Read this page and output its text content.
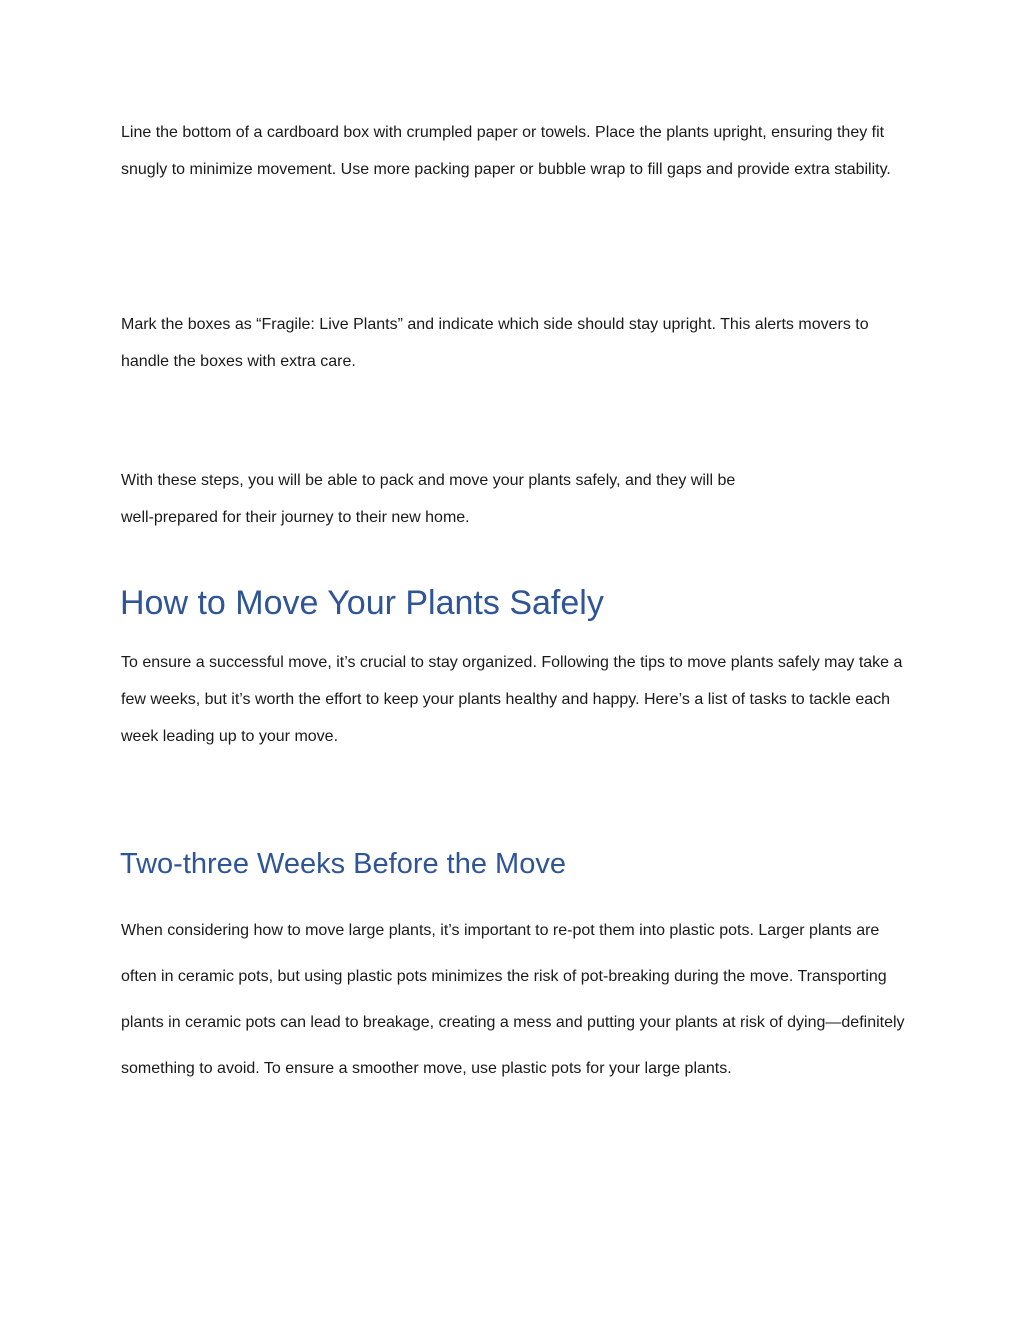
Line the bottom of a cardboard box with crumpled paper or towels. Place the plants upright, ensuring they fit snugly to minimize movement. Use more packing paper or bubble wrap to fill gaps and provide extra stability.

Mark the boxes as “Fragile: Live Plants” and indicate which side should stay upright. This alerts movers to handle the boxes with extra care.

With these steps, you will be able to pack and move your plants safely, and they will be
well-prepared for their journey to their new home.

How to Move Your Plants Safely

To ensure a successful move, it’s crucial to stay organized. Following the tips to move plants safely may take a few weeks, but it’s worth the effort to keep your plants healthy and happy. Here’s a list of tasks to tackle each week leading up to your move.

Two-three Weeks Before the Move

When considering how to move large plants, it’s important to re-pot them into plastic pots. Larger plants are often in ceramic pots, but using plastic pots minimizes the risk of pot-breaking during the move. Transporting plants in ceramic pots can lead to breakage, creating a mess and putting your plants at risk of dying—definitely something to avoid. To ensure a smoother move, use plastic pots for your large plants.
